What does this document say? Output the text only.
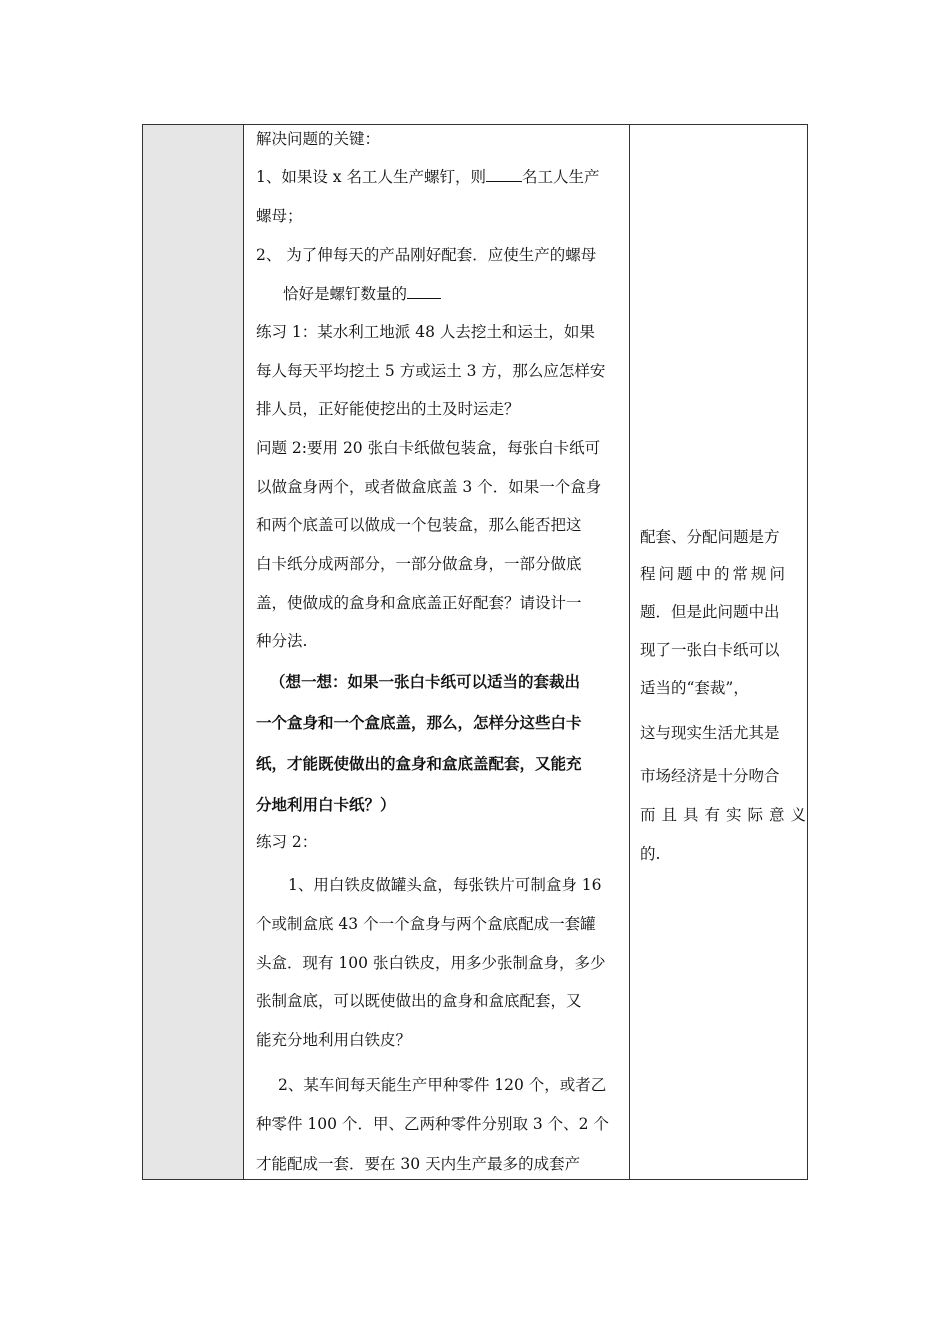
解决问题的关键：
1、如果设 x 名工人生产螺钉，则 名工人生产
螺母；
2、 为了伸每天的产品刚好配套．应使生产的螺母
恰好是螺钉数量的
练习 1：某水利工地派 48 人去挖土和运土，如果
每人每天平均挖土 5 方或运土 3 方，那么应怎样安
排人员，正好能使挖出的土及时运走？
问题 2:要用 20 张白卡纸做包装盒，每张白卡纸可
以做盒身两个，或者做盒底盖 3 个．如果一个盒身
和两个底盖可以做成一个包装盒，那么能否把这
白卡纸分成两部分，一部分做盒身，一部分做底
盖，使做成的盒身和盒底盖正好配套？请设计一
种分法.
（想一想：如果一张白卡纸可以适当的套裁出
一个盒身和一个盒底盖，那么，怎样分这些白卡
纸，才能既使做出的盒身和盒底盖配套，又能充
分地利用白卡纸？）
练习 2：
1、用白铁皮做罐头盒，每张铁片可制盒身 16
个或制盒底 43 个一个盒身与两个盒底配成一套罐
头盒．现有 100 张白铁皮，用多少张制盒身，多少
张制盒底，可以既使做出的盒身和盒底配套，又
能充分地利用白铁皮？
2、某车间每天能生产甲种零件 120 个，或者乙
种零件 100 个．甲、乙两种零件分别取 3 个、2 个
才能配成一套．要在 30 天内生产最多的成套产
配套、分配问题是方
程问题中的常规问
题．但是此问题中出
现了一张白卡纸可以
适当的“套裁”，
这与现实生活尤其是
市场经济是十分吻合
而且具有实际意义
的.
